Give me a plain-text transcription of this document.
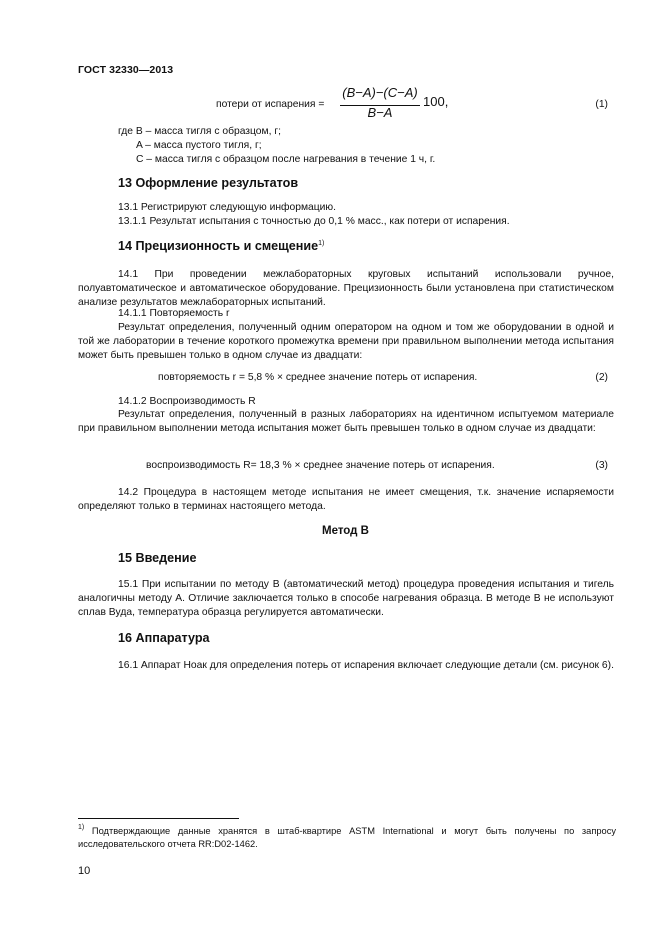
ГОСТ 32330—2013
потери от испарения =
(B−A)−(C−A)
B−A
100,	(1)
где B – масса тигля с образцом, г;
A – масса пустого тигля, г;
C – масса тигля с образцом после нагревания в течение 1 ч, г.
13 Оформление результатов
13.1 Регистрируют следующую информацию.
13.1.1 Результат испытания с точностью до 0,1 % масс., как потери от испарения.
14 Прецизионность и смещение$^{1)}$
14.1 При проведении межлабораторных круговых испытаний использовали ручное, полуавтоматическое и автоматическое оборудование. Прецизионность были установлена при статистическом анализе результатов межлабораторных испытаний.
14.1.1 Повторяемость r
Результат определения, полученный одним оператором на одном и том же оборудовании в одной и той же лаборатории в течение короткого промежутка времени при правильном выполнении метода испытания может быть превышен только в одном случае из двадцати:
повторяемость r = 5,8 % × среднее значение потерь от испарения.	(2)
14.1.2 Воспроизводимость R
Результат определения, полученный в разных лабораториях на идентичном испытуемом материале при правильном выполнении метода испытания может быть превышен только в одном случае из двадцати:
воспроизводимость R= 18,3 % × среднее значение потерь от испарения.	(3)
14.2 Процедура в настоящем методе испытания не имеет смещения, т.к. значение испаряемости определяют только в терминах настоящего метода.
Метод В
15 Введение
15.1 При испытании по методу В (автоматический метод) процедура проведения испытания и тигель аналогичны методу А. Отличие заключается только в способе нагревания образца. В методе В не используют сплав Вуда, температура образца регулируется автоматически.
16 Аппаратура
16.1 Аппарат Ноак для определения потерь от испарения включает следующие детали (см. рисунок 6).
$^{1)}$ Подтверждающие данные хранятся в штаб-квартире ASTM International и могут быть получены по запросу исследовательского отчета RR:D02-1462.
10
